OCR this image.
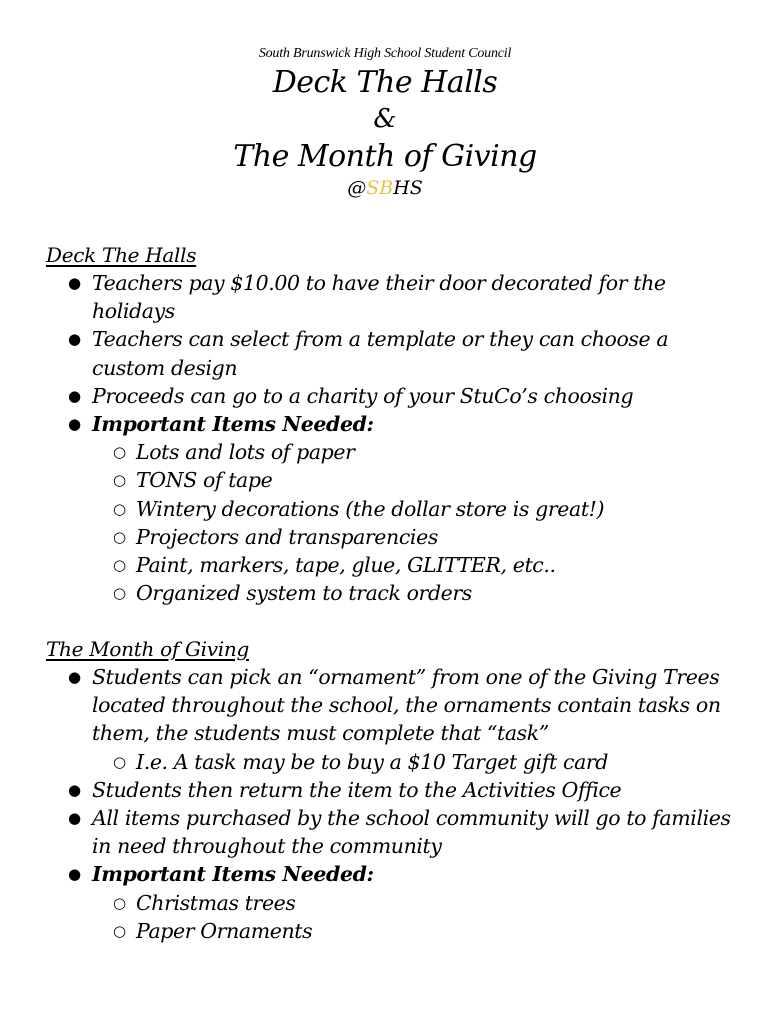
South Brunswick High School Student Council
Deck The Halls
&
The Month of Giving
@SBHS
Deck The Halls
● Teachers pay $10.00 to have their door decorated for the holidays
● Teachers can select from a template or they can choose a custom design
● Proceeds can go to a charity of your StuCo’s choosing
● Important Items Needed:
○ Lots and lots of paper
○ TONS of tape
○ Wintery decorations (the dollar store is great!)
○ Projectors and transparencies
○ Paint, markers, tape, glue, GLITTER, etc..
○ Organized system to track orders
The Month of Giving
● Students can pick an “ornament” from one of the Giving Trees located throughout the school, the ornaments contain tasks on them, the students must complete that “task”
○ I.e. A task may be to buy a $10 Target gift card
● Students then return the item to the Activities Office
● All items purchased by the school community will go to families in need throughout the community
● Important Items Needed:
○ Christmas trees
○ Paper Ornaments
